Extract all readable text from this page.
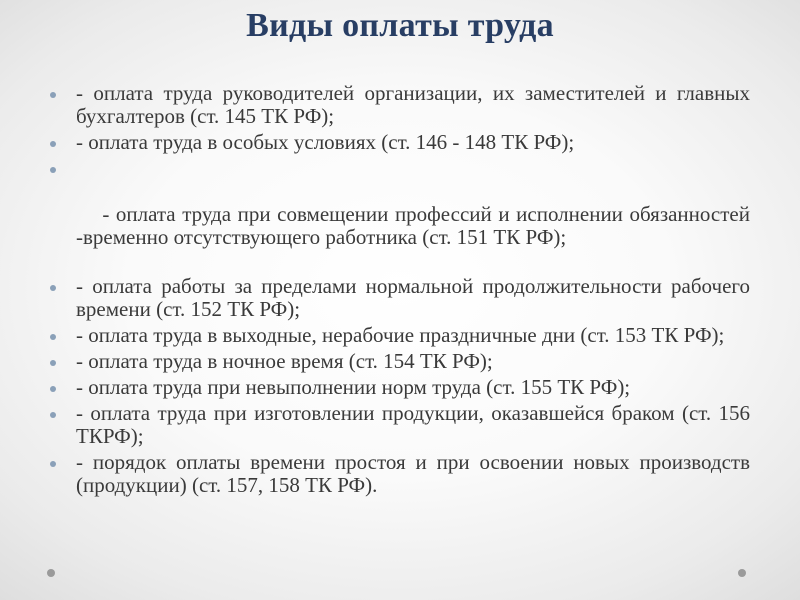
Виды оплаты труда
- оплата труда руководителей организации, их заместителей и главных бухгалтеров (ст. 145 ТК РФ);
- оплата труда в особых условиях (ст. 146 - 148 ТК РФ);

- оплата труда при совмещении профессий и исполнении обязанностей        -временно отсутствующего работника (ст. 151 ТК РФ);

- оплата работы за пределами нормальной продолжительности рабочего времени (ст. 152 ТК РФ);
- оплата труда в выходные, нерабочие праздничные дни (ст. 153 ТК РФ);
- оплата труда в ночное время (ст. 154 ТК РФ);
- оплата труда при невыполнении норм труда (ст. 155 ТК РФ);
- оплата труда при изготовлении продукции, оказавшейся браком (ст. 156 ТКРФ);
- порядок оплаты времени простоя и при освоении новых производств (продукции) (ст. 157, 158 ТК РФ).
